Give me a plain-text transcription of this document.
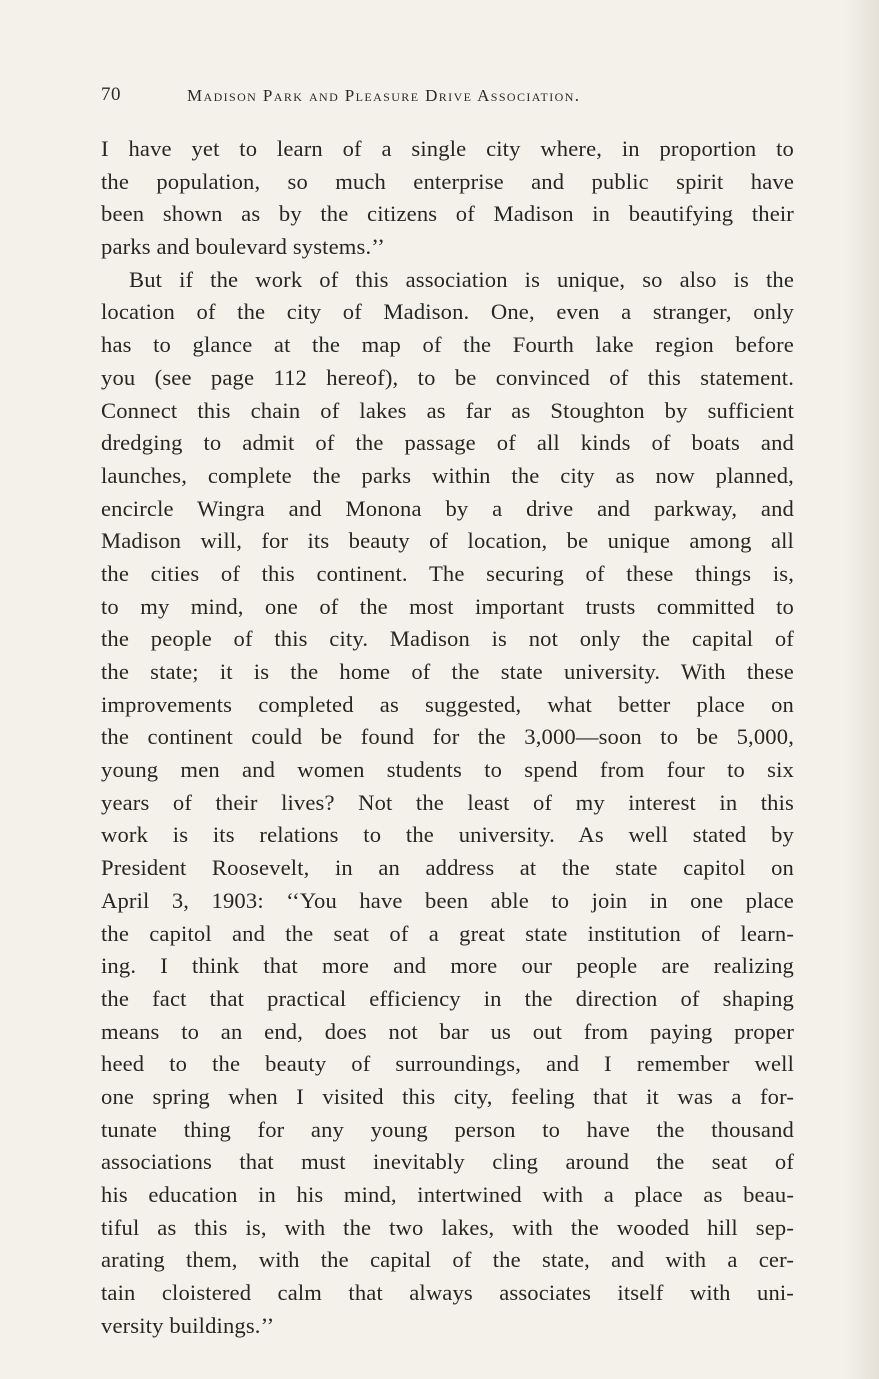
70	Madison Park and Pleasure Drive Association.
I have yet to learn of a single city where, in proportion to
the population, so much enterprise and public spirit have
been shown as by the citizens of Madison in beautifying their
parks and boulevard systems.’’
But if the work of this association is unique, so also is the
location of the city of Madison. One, even a stranger, only
has to glance at the map of the Fourth lake region before
you (see page 112 hereof), to be convinced of this statement.
Connect this chain of lakes as far as Stoughton by sufficient
dredging to admit of the passage of all kinds of boats and
launches, complete the parks within the city as now planned,
encircle Wingra and Monona by a drive and parkway, and
Madison will, for its beauty of location, be unique among all
the cities of this continent. The securing of these things is,
to my mind, one of the most important trusts committed to
the people of this city. Madison is not only the capital of
the state; it is the home of the state university. With these
improvements completed as suggested, what better place on
the continent could be found for the 3,000—soon to be 5,000,
young men and women students to spend from four to six
years of their lives? Not the least of my interest in this
work is its relations to the university. As well stated by
President Roosevelt, in an address at the state capitol on
April 3, 1903: ‘‘You have been able to join in one place
the capitol and the seat of a great state institution of learn-
ing. I think that more and more our people are realizing
the fact that practical efficiency in the direction of shaping
means to an end, does not bar us out from paying proper
heed to the beauty of surroundings, and I remember well
one spring when I visited this city, feeling that it was a for-
tunate thing for any young person to have the thousand
associations that must inevitably cling around the seat of
his education in his mind, intertwined with a place as beau-
tiful as this is, with the two lakes, with the wooded hill sep-
arating them, with the capital of the state, and with a cer-
tain cloistered calm that always associates itself with uni-
versity buildings.’’
